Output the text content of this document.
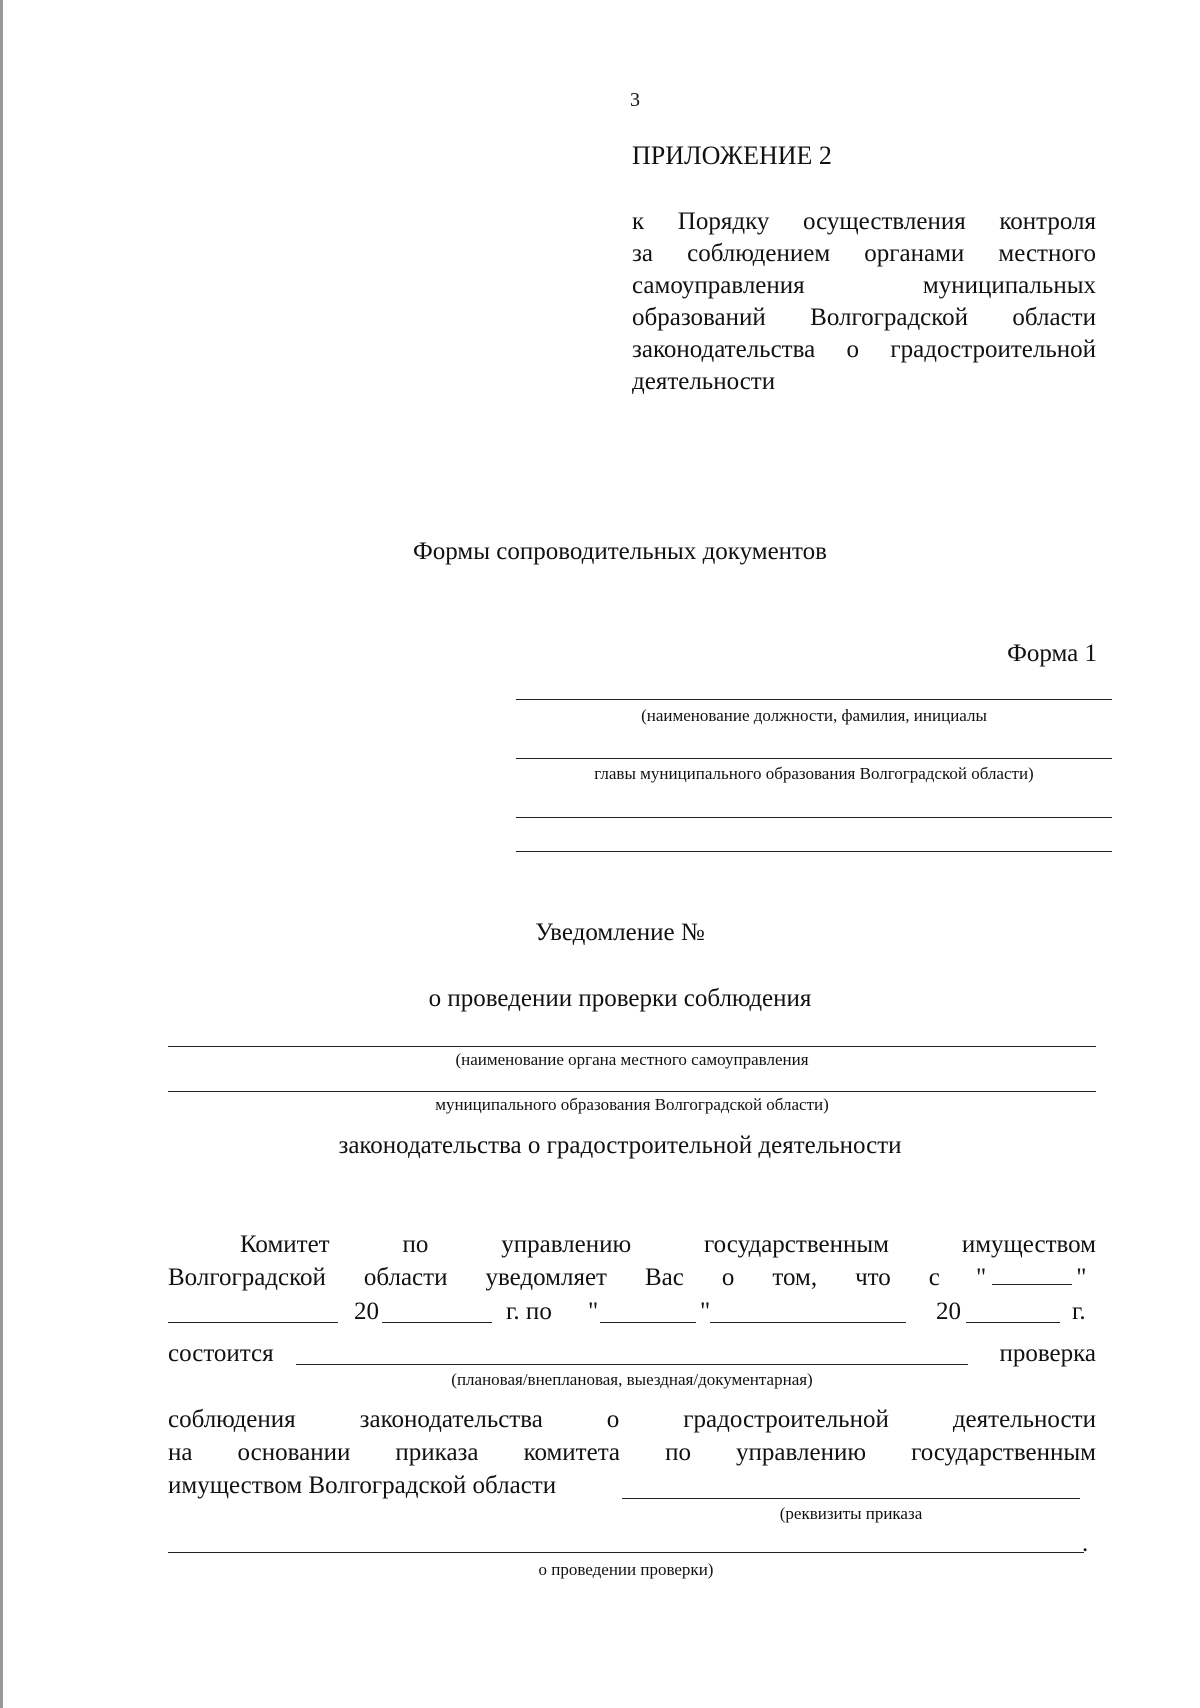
3
ПРИЛОЖЕНИЕ 2
к Порядку осуществления контроля
за соблюдением органами местного
самоуправления	муниципальных
образований Волгоградской области
законодательства о градостроительной
деятельности
Формы сопроводительных документов
Форма 1
(наименование должности, фамилия, инициалы
главы муниципального образования Волгоградской области)
Уведомление №
о проведении проверки соблюдения
(наименование органа местного самоуправления
муниципального образования Волгоградской области)
законодательства о градостроительной деятельности
Комитет	по	управлению	государственным	имуществом
Волгоградской области уведомляет Вас о том, что с "	"
20	г. по "	"	20	г.
состоится	проверка
(плановая/внеплановая, выездная/документарная)
соблюдения	законодательства	о	градостроительной	деятельности
на основании приказа комитета по управлению государственным
имуществом Волгоградской области
(реквизиты приказа
.
о проведении проверки)
